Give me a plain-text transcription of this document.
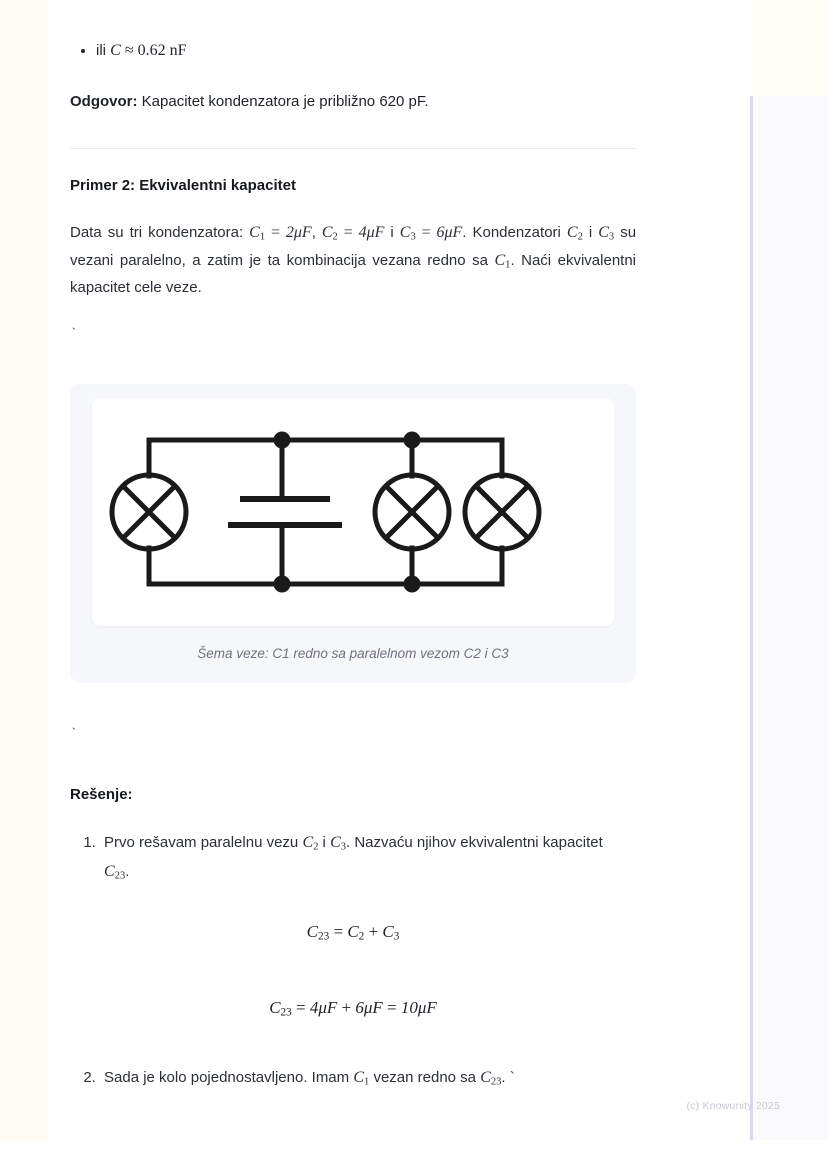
• ili C ≈ 0.62 nF
Odgovor: Kapacitet kondenzatora je približno 620 pF.
Primer 2: Ekvivalentni kapacitet

Data su tri kondenzatora: $C_1 = 2\mu F$, $C_2 = 4\mu F$ i $C_3 = 6\mu F$. Kondenzatori $C_2$ i $C_3$ su vezani paralelno, a zatim je ta kombinacija vezana redno sa $C_1$. Naći ekvivalentni kapacitet cele veze.

`
Šema veze: C1 redno sa paralelnom vezom C2 i C3
`
Rešenje:
1. Prvo rešavam paralelnu vezu $C_2$ i $C_3$. Nazvaću njihov ekvivalentni kapacitet
$C_{23}$.
$C_{23} = C_2 + C_3$
$C_{23} = 4\mu F + 6\mu F = 10\mu F$
2. Sada je kolo pojednostavljeno. Imam $C_1$ vezan redno sa $C_{23}$. `
(c) Knowunity 2025
